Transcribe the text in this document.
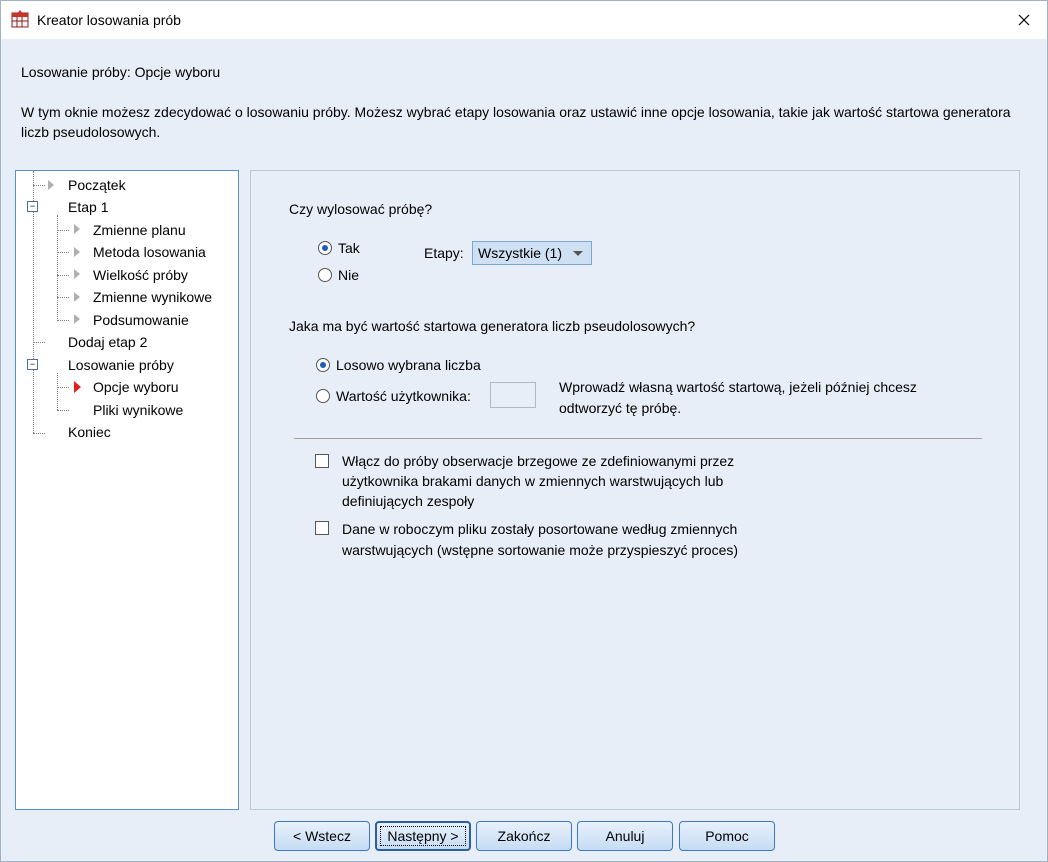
Kreator losowania prób
Losowanie próby: Opcje wyboru
W tym oknie możesz zdecydować o losowaniu próby. Możesz wybrać etapy losowania oraz ustawić inne opcje losowania, takie jak wartość startowa generatora liczb pseudolosowych.
Początek
− Etap 1
Zmienne planu
Metoda losowania
Wielkość próby
Zmienne wynikowe
Podsumowanie
Dodaj etap 2
− Losowanie próby
Opcje wyboru
Pliki wynikowe
Koniec
Czy wylosować próbę?
Tak
Nie
Etapy:	Wszystkie (1)
Jaka ma być wartość startowa generatora liczb pseudolosowych?
Losowo wybrana liczba
Wartość użytkownika:
Wprowadź własną wartość startową, jeżeli później chcesz
odtworzyć tę próbę.
Włącz do próby obserwacje brzegowe ze zdefiniowanymi przez
użytkownika brakami danych w zmiennych warstwujących lub
definiujących zespoły
Dane w roboczym pliku zostały posortowane według zmiennych
warstwujących (wstępne sortowanie może przyspieszyć proces)
< Wstecz	Następny >	Zakończ	Anuluj	Pomoc
